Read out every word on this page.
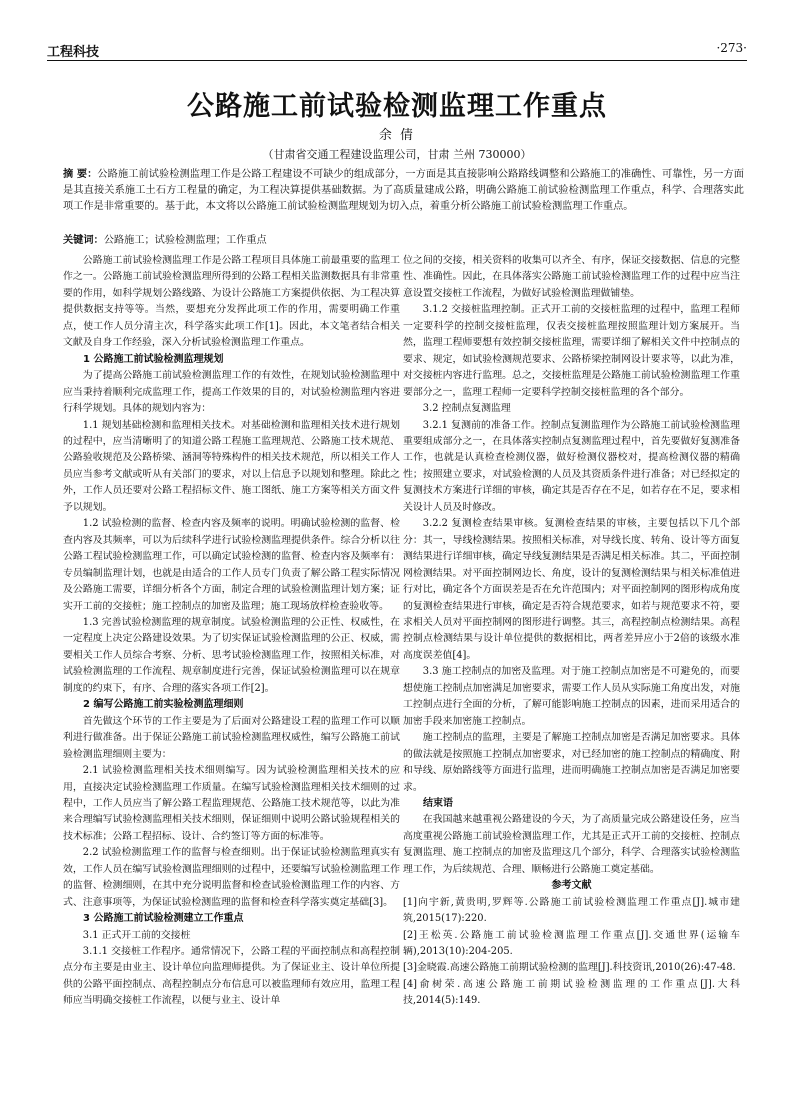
工程科技	·273·
公路施工前试验检测监理工作重点
余 倩
（甘肃省交通工程建设监理公司，甘肃 兰州 730000）
摘 要：公路施工前试验检测监理工作是公路工程建设不可缺少的组成部分，一方面是其直接影响公路路线调整和公路施工的准确性、可靠性，另一方面是其直接关系施工土石方工程量的确定，为工程决算提供基础数据。为了高质量建成公路，明确公路施工前试验检测监理工作重点，科学、合理落实此项工作是非常重要的。基于此，本文将以公路施工前试验检测监理规划为切入点，着重分析公路施工前试验检测监理工作重点。
关键词：公路施工；试验检测监理；工作重点

公路施工前试验检测监理工作是公路工程项目具体施工前最重要的监理工作之一。公路施工前试验检测监理所得到的公路工程相关监测数据具有非常重要的作用，如科学规划公路线路、为设计公路施工方案提供依据、为工程决算提供数据支持等等。当然，要想充分发挥此项工作的作用，需要明确工作重点，使工作人员分清主次，科学落实此项工作[1]。因此，本文笔者结合相关文献及自身工作经验，深入分析试验检测监理工作重点。

1 公路施工前试验检测监理规划

为了提高公路施工前试验检测监理工作的有效性，在规划试验检测监理中应当秉持着顺利完成监理工作，提高工作效果的目的，对试验检测监理内容进行科学规划。具体的规划内容为：

1.1 规划基础检测和监理相关技术。对基础检测和监理相关技术进行规划的过程中，应当清晰明了的知道公路工程施工监理规范、公路施工技术规范、公路验收规范及公路桥梁、涵洞等特殊构件的相关技术规范，所以相关工作人员应当参考文献或听从有关部门的要求，对以上信息予以规划和整理。除此之外，工作人员还要对公路工程招标文件、施工图纸、施工方案等相关方面文件予以规划。

1.2 试验检测的监督、检查内容及频率的说明。明确试验检测的监督、检查内容及其频率，可以为后续科学进行试验检测监理提供条件。综合分析以往公路工程试验检测监理工作，可以确定试验检测的监督、检查内容及频率有：专员编制监理计划，也就是由适合的工作人员专门负责了解公路工程实际情况及公路施工需要，详细分析各个方面，制定合理的试验检测监理计划方案；证实开工前的交接桩；施工控制点的加密及监理；施工现场放样检查验收等。

1.3 完善试验检测监理的规章制度。试验检测监理的公正性、权威性，在一定程度上决定公路建设效果。为了切实保证试验检测监理的公正、权威，需要相关工作人员综合考察、分析、思考试验检测监理工作，按照相关标准，对试验检测监理的工作流程、规章制度进行完善，保证试验检测监理可以在规章制度的约束下，有序、合理的落实各项工作[2]。

2 编写公路施工前实验检测监理细则

首先做这个环节的工作主要是为了后面对公路建设工程的监理工作可以顺利进行做准备。出于保证公路施工前试验检测监理权威性，编写公路施工前试验检测监理细则主要为：

2.1 试验检测监理相关技术细则编写。因为试验检测监理相关技术的应用，直接决定试验检测监理工作质量。在编写试验检测监理相关技术细则的过程中，工作人员应当了解公路工程监理规范、公路施工技术规范等，以此为准来合理编写试验检测监理相关技术细则，保证细则中说明公路试验规程相关的技术标准；公路工程招标、设计、合约签订等方面的标准等。

2.2 试验检测监理工作的监督与检查细则。出于保证试验检测监理真实有效，工作人员在编写试验检测监理细则的过程中，还要编写试验检测监理工作的监督、检测细则，在其中充分说明监督和检查试验检测监理工作的内容、方式、注意事项等，为保证试验检测监理的监督和检查科学落实奠定基础[3]。

3 公路施工前试验检测建立工作重点
3.1 正式开工前的交接桩

3.1.1 交接桩工作程序。通常情况下，公路工程的平面控制点和高程控制点分布主要是由业主、设计单位向监理师提供。为了保证业主、设计单位所提供的公路平面控制点、高程控制点分布信息可以被监理师有效应用，监理工程师应当明确交接桩工作流程，以便与业主、设计单

位之间的交接，相关资料的收集可以齐全、有序，保证交接数据、信息的完整性、准确性。因此，在具体落实公路施工前试验检测监理工作的过程中应当注意设置交接桩工作流程，为做好试验检测监理做铺垫。

3.1.2 交接桩监理控制。正式开工前的交接桩监理的过程中，监理工程师一定要科学的控制交接桩监理，仅表交接桩监理按照监理计划方案展开。当然，监理工程师要想有效控制交接桩监理，需要详细了解相关文件中控制点的要求、规定，如试验检测规范要求、公路桥梁控制网设计要求等，以此为准，对交接桩内容进行监理。总之，交接桩监理是公路施工前试验检测监理工作重要部分之一，监理工程师一定要科学控制交接桩监理的各个部分。

3.2 控制点复测监理

3.2.1 复测前的准备工作。控制点复测监理作为公路施工前试验检测监理重要组成部分之一，在具体落实控制点复测监理过程中，首先要做好复测准备工作，也就是认真检查检测仪器，做好检测仪器校对，提高检测仪器的精确性；按照建立要求，对试验检测的人员及其资质条件进行准备；对已经拟定的复测技术方案进行详细的审核，确定其是否存在不足，如若存在不足，要求相关设计人员及时修改。

3.2.2 复测检查结果审核。复测检查结果的审核，主要包括以下几个部分：其一，导线检测结果。按照相关标准，对导线长度、转角、设计等方面复测结果进行详细审核，确定导线复测结果是否满足相关标准。其二，平面控制网检测结果。对平面控制网边长、角度，设计的复测检测结果与相关标准值进行对比，确定各个方面误差是否在允许范围内；对平面控制网的图形构成角度的复测检查结果进行审核，确定是否符合规范要求，如若与规范要求不符，要求相关人员对平面控制网的图形进行调整。其三，高程控制点检测结果。高程控制点检测结果与设计单位提供的数据相比，两者差异应小于2倍的该级水准高度误差值[4]。

3.3 施工控制点的加密及监理。对于施工控制点加密是不可避免的，而要想使施工控制点加密满足加密要求，需要工作人员从实际施工角度出发，对施工控制点进行全面的分析，了解可能影响施工控制点的因素，进而采用适合的加密手段来加密施工控制点。

施工控制点的监理，主要是了解施工控制点加密是否满足加密要求。具体的做法就是按照施工控制点加密要求，对已经加密的施工控制点的精确度、附和导线、原始路线等方面进行监理，进而明确施工控制点加密是否满足加密要求。

结束语

在我国越来越重视公路建设的今天，为了高质量完成公路建设任务，应当高度重视公路施工前试验检测监理工作，尤其是正式开工前的交接桩、控制点复测监理、施工控制点的加密及监理这几个部分，科学、合理落实试验检测监理工作，为后续规范、合理、顺畅进行公路施工奠定基础。

参考文献

[1]向宇新,黄贵明,罗辉等.公路施工前试验检测监理工作重点[J].城市建筑,2015(17):220.

[2]王松英.公路施工前试验检测监理工作重点[J].交通世界(运输车辆),2013(10):204-205.

[3]金晓霞.高速公路施工前期试验检测的监理[J].科技资讯,2010(26):47-48.

[4]俞树荣.高速公路施工前期试验检测监理的工作重点[J].大科技,2014(5):149.
